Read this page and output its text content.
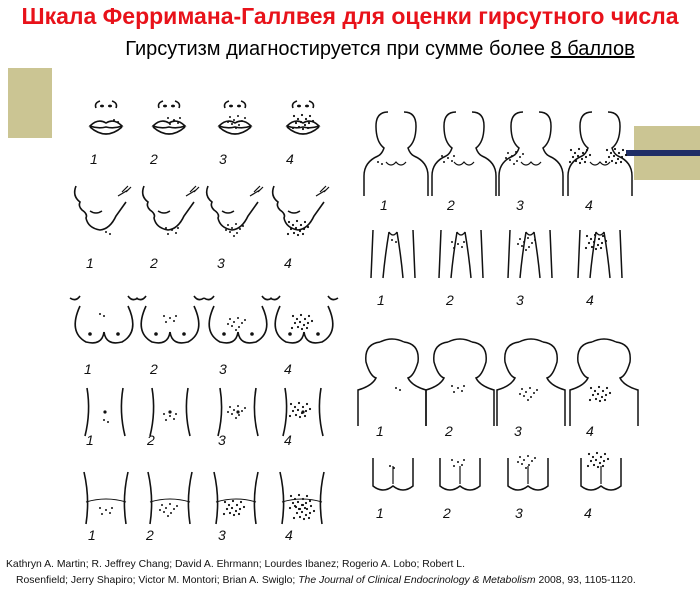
Шкала Ферримана-Галлвея для оценки гирсутного числа
Гирсутизм диагностируется при сумме более 8 баллов
1	2	3	4
1	2	3	4
1	2	3	4
1	2	3	4
1	2	3	4
1	2	3	4
1	2	3	4
1	2	3	4
1	2	3	4
Kathryn A. Martin; R. Jeffrey Chang; David A. Ehrmann; Lourdes Ibanez; Rogerio A. Lobo; Robert L.
Rosenfield; Jerry Shapiro; Victor M. Montori; Brian A. Swiglo; The Journal of Clinical Endocrinology & Metabolism 2008, 93, 1105-1120.
